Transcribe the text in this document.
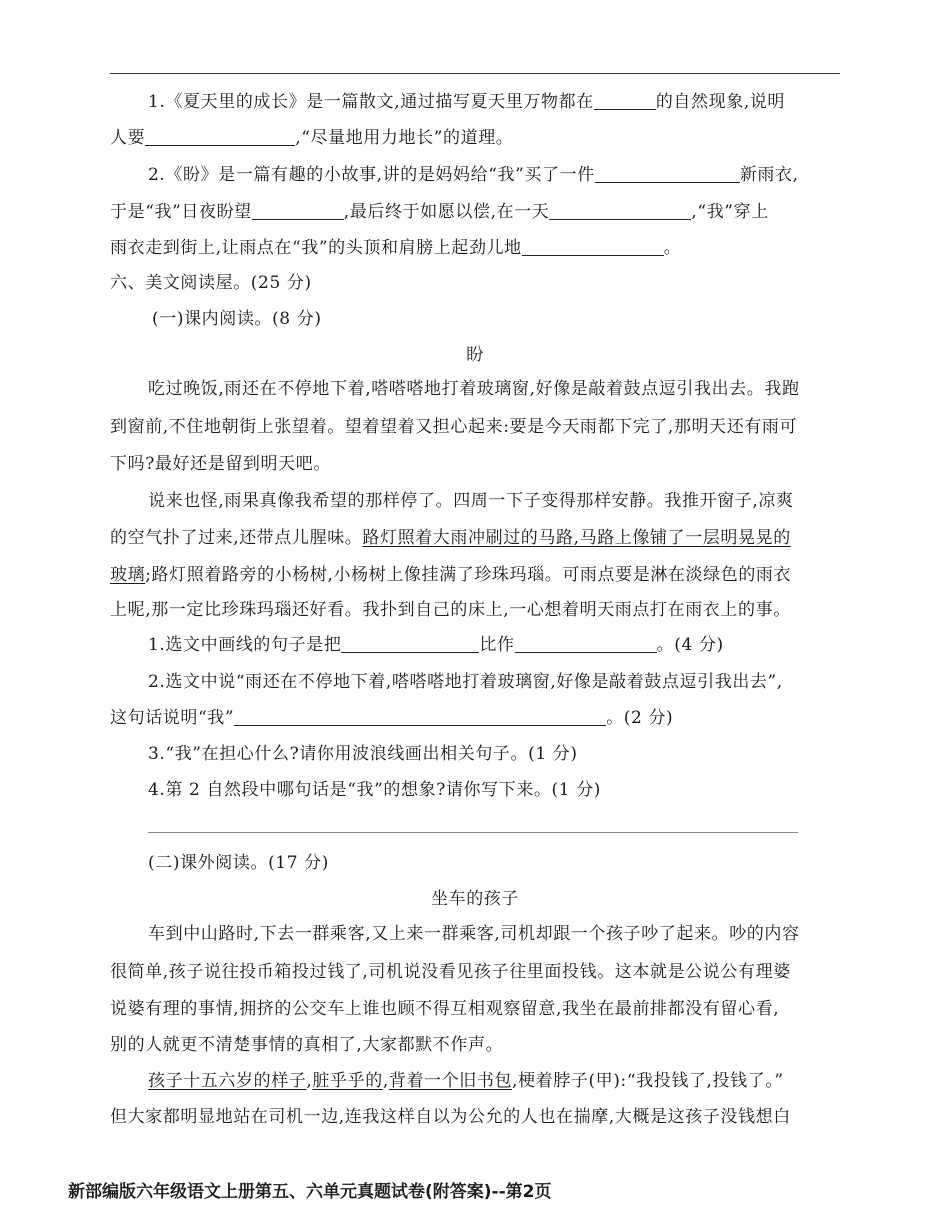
1.《夏天里的成长》是一篇散文,通过描写夏天里万物都在	的自然现象,说明
人要	,“尽量地用力地长”的道理。
2.《盼》是一篇有趣的小故事,讲的是妈妈给“我”买了一件	新雨衣,
于是“我”日夜盼望	,最后终于如愿以偿,在一天	,“我”穿上
雨衣走到街上,让雨点在“我”的头顶和肩膀上起劲儿地	。
六、美文阅读屋。(25 分)
(一)课内阅读。(8 分)
盼
吃过晚饭,雨还在不停地下着,嗒嗒嗒地打着玻璃窗,好像是敲着鼓点逗引我出去。我跑
到窗前,不住地朝街上张望着。望着望着又担心起来:要是今天雨都下完了,那明天还有雨可
下吗?最好还是留到明天吧。
说来也怪,雨果真像我希望的那样停了。四周一下子变得那样安静。我推开窗子,凉爽
的空气扑了过来,还带点儿腥味。路灯照着大雨冲刷过的马路,马路上像铺了一层明晃晃的
玻璃;路灯照着路旁的小杨树,小杨树上像挂满了珍珠玛瑙。可雨点要是淋在淡绿色的雨衣
上呢,那一定比珍珠玛瑙还好看。我扑到自己的床上,一心想着明天雨点打在雨衣上的事。
1.选文中画线的句子是把	比作	。(4 分)
2.选文中说“雨还在不停地下着,嗒嗒嗒地打着玻璃窗,好像是敲着鼓点逗引我出去”,
这句话说明“我”	。(2 分)
3.“我”在担心什么?请你用波浪线画出相关句子。(1 分)
4.第 2 自然段中哪句话是“我”的想象?请你写下来。(1 分)
(二)课外阅读。(17 分)
坐车的孩子
车到中山路时,下去一群乘客,又上来一群乘客,司机却跟一个孩子吵了起来。吵的内容
很简单,孩子说往投币箱投过钱了,司机说没看见孩子往里面投钱。这本就是公说公有理婆
说婆有理的事情,拥挤的公交车上谁也顾不得互相观察留意,我坐在最前排都没有留心看,
别的人就更不清楚事情的真相了,大家都默不作声。
孩子十五六岁的样子,脏乎乎的,背着一个旧书包,梗着脖子(甲):“我投钱了,投钱了。”
但大家都明显地站在司机一边,连我这样自以为公允的人也在揣摩,大概是这孩子没钱想白
新部编版六年级语文上册第五、六单元真题试卷(附答案)--第2页
